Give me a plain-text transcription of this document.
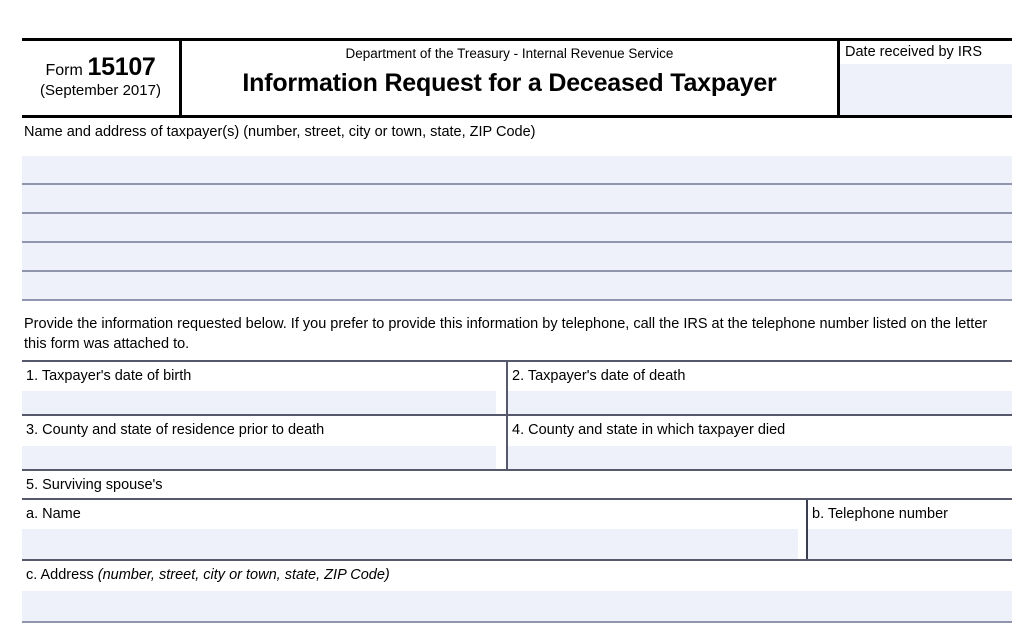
Form 15107
(September 2017)
Department of the Treasury - Internal Revenue Service
Information Request for a Deceased Taxpayer
Date received by IRS
Name and address of taxpayer(s) (number, street, city or town, state, ZIP Code)
Provide the information requested below. If you prefer to provide this information by telephone, call the IRS at the telephone number listed on the letter this form was attached to.
1. Taxpayer's date of birth	2. Taxpayer's date of death
3. County and state of residence prior to death	4. County and state in which taxpayer died
5. Surviving spouse's
a. Name	b. Telephone number
c. Address (number, street, city or town, state, ZIP Code)
